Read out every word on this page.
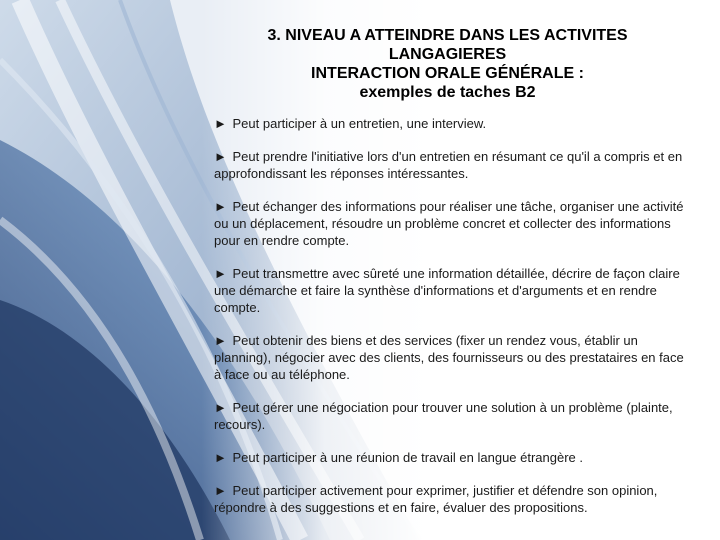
3. NIVEAU A ATTEINDRE DANS LES ACTIVITES
LANGAGIERES
INTERACTION ORALE GÉNÉRALE :
exemples de taches B2

► Peut participer à un entretien, une interview.

► Peut prendre l'initiative lors d'un entretien en résumant ce qu'il a compris et en approfondissant les réponses intéressantes.

► Peut échanger des informations pour réaliser une tâche, organiser une activité ou un déplacement, résoudre un problème concret et collecter des informations pour en rendre compte.

► Peut transmettre avec sûreté une information détaillée, décrire de façon claire une démarche et faire la synthèse d'informations et d'arguments et en rendre compte.

► Peut obtenir des biens et des services (fixer un rendez vous, établir un planning), négocier avec des clients, des fournisseurs ou des prestataires en face à face ou au téléphone.

► Peut gérer une négociation pour trouver une solution à un problème (plainte, recours).

► Peut participer à une réunion de travail en langue étrangère .

► Peut participer activement pour exprimer, justifier et défendre son opinion, répondre à des suggestions et en faire, évaluer des propositions.
